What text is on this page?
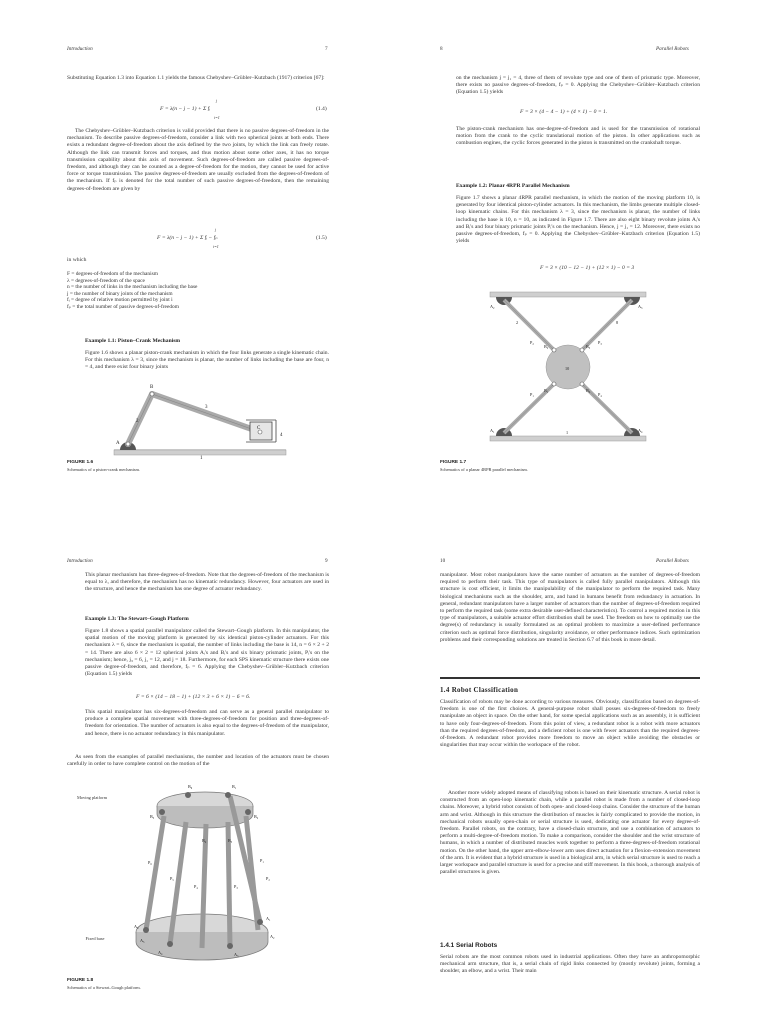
Introduction	7
Substituting Equation 1.3 into Equation 1.1 yields the famous Chebyshev–Grübler–Kutzbach (1917) criterion [67]:
F = λ(n − j − 1) + Σ fᵢ
j
i=1
(1.4)
The Chebyshev–Grübler–Kutzbach criterion is valid provided that there is no passive degrees-of-freedom in the mechanism. To describe passive degrees-of-freedom, consider a link with two spherical joints at both ends. There exists a redundant degree-of-freedom about the axis defined by the two joints, by which the link can freely rotate. Although the link can transmit forces and torques, and thus motion about some other axes, it has no torque transmission capability about this axis of movement. Such degrees-of-freedom are called passive degrees-of-freedom, and although they can be counted as a degree-of-freedom for the motion, they cannot be used for active force or torque transmission. The passive degrees-of-freedom are usually excluded from the degrees-of-freedom of the mechanism. If fₚ is denoted for the total number of such passive degrees-of-freedom, then the remaining degrees-of-freedom are given by
F = λ(n − j − 1) + Σ fᵢ − fₚ
j
i=1
(1.5)
in which
F = degrees-of-freedom of the mechanism
λ = degrees-of-freedom of the space
n = the number of links in the mechanism including the base
j = the number of binary joints of the mechanism
fᵢ = degree of relative motion permitted by joint i
fₚ = the total number of passive degrees-of-freedom
Example 1.1: Piston–Crank Mechanism
Figure 1.6 shows a planar piston-crank mechanism in which the four links generate a single kinematic chain. For this mechanism λ = 3, since the mechanism is planar, the number of links including the base are four, n = 4, and there exist four binary joints
B
2
3
C
A
4
1
FIGURE 1.6
Schematics of a piston-crank mechanism.
8	Parallel Robots
on the mechanism j = j₁ = 4, three of them of revolute type and one of them of prismatic type. Moreover, there exists no passive degrees-of-freedom, fₚ = 0. Applying the Chebyshev–Grübler–Kutzbach criterion (Equation 1.5) yields
F = 3 × (4 − 4 − 1) + (4 × 1) − 0 = 1.
The piston-crank mechanism has one-degree-of-freedom and is used for the transmission of rotational motion from the crank to the cyclic translational motion of the piston. In other applications such as combustion engines, the cyclic forces generated in the piston is transmitted on the crankshaft torque.
Example 1.2: Planar 4RPR Parallel Mechanism
Figure 1.7 shows a planar 4RPR parallel mechanism, in which the motion of the moving platform 10, is generated by four identical piston-cylinder actuators. In this mechanism, the limbs generate multiple closed-loop kinematic chains. For this mechanism λ = 3, since the mechanism is planar, the number of links including the base is 10, n = 10, as indicated in Figure 1.7. There are also eight binary revolute joints Aᵢ's and Bᵢ's and four binary prismatic joints Pᵢ's on the mechanism. Hence, j = j₁ = 12. Moreover, there exists no passive degrees-of-freedom, fₚ = 0. Applying the Chebyshev–Grübler–Kutzbach criterion (Equation 1.5) yields
F = 3 × (10 − 12 − 1) + (12 × 1) − 0 = 3
A₂	A₃
2	8
P₂
B₂	B₃
P₃
10
P₁
B₁	B₄
P₄
A₁	A₄
1
FIGURE 1.7
Schematics of a planar 4RPR parallel mechanism.
Introduction	9
This planar mechanism has three-degrees-of-freedom. Note that the degrees-of-freedom of the mechanism is equal to λ, and therefore, the mechanism has no kinematic redundancy. However, four actuators are used in the structure, and hence the mechanism has one degree of actuator redundancy.
Example 1.3: The Stewart–Gough Platform
Figure 1.8 shows a spatial parallel manipulator called the Stewart–Gough platform. In this manipulator, the spatial motion of the moving platform is generated by six identical piston-cylinder actuators. For this mechanism λ = 6, since the mechanism is spatial, the number of links including the base is 14, n = 6 × 2 + 2 = 14. There are also 6 × 2 = 12 spherical joints Aᵢ's and Bᵢ's and six binary prismatic joints, Pᵢ's on the mechanism; hence, j₃ = 6, j₁ = 12, and j = 18. Furthermore, for each SPS kinematic structure there exists one passive degree-of-freedom, and therefore, fₚ = 6. Applying the Chebyshev–Grübler–Kutzbach criterion (Equation 1.5) yields
F = 6 × (14 − 18 − 1) + (12 × 3 + 6 × 1) − 6 = 6.
This spatial manipulator has six-degrees-of-freedom and can serve as a general parallel manipulator to produce a complete spatial movement with three-degrees-of-freedom for position and three-degrees-of-freedom for orientation. The number of actuators is also equal to the degrees-of-freedom of the manipulator, and hence, there is no actuator redundancy in this manipulator.
As seen from the examples of parallel mechanisms, the number and location of the actuators must be chosen carefully in order to have complete control on the motion of the
B₆	B₁
B₅	B₂
P₆	P₁
P₅	P₂
P₄	P₃
A₆
A₁
A₅
A₂
A₄	A₃
B₄	B₃
Moving platform
Fixed base
FIGURE 1.8
Schematics of a Stewart–Gough platform.
10	Parallel Robots
manipulator. Most robot manipulators have the same number of actuators as the number of degrees-of-freedom required to perform their task. This type of manipulators is called fully parallel manipulators. Although this structure is cost efficient, it limits the manipulability of the manipulator to perform the required task. Many biological mechanisms such as the shoulder, arm, and hand in humans benefit from redundancy in actuation. In general, redundant manipulators have a larger number of actuators than the number of degrees-of-freedom required to perform the required task (some extra desirable user-defined characteristics). To control a required motion in this type of manipulators, a suitable actuator effort distribution shall be used. The freedom on how to optimally use the degree(s) of redundancy is usually formulated as an optimal problem to maximize a user-defined performance criterion such as optimal force distribution, singularity avoidance, or other performance indices. Such optimization problems and their corresponding solutions are treated in Section 6.7 of this book in more detail.
1.4 Robot Classification
Classification of robots may be done according to various measures. Obviously, classification based on degrees-of-freedom is one of the first choices. A general-purpose robot shall posses six-degrees-of-freedom to freely manipulate an object in space. On the other hand, for some special applications such as an assembly, it is sufficient to have only four-degrees-of-freedom. From this point of view, a redundant robot is a robot with more actuators than the required degrees-of-freedom, and a deficient robot is one with fewer actuators than the required degrees-of-freedom. A redundant robot provides more freedom to move an object while avoiding the obstacles or singularities that may occur within the workspace of the robot.
Another more widely adopted means of classifying robots is based on their kinematic structure. A serial robot is constructed from an open-loop kinematic chain, while a parallel robot is made from a number of closed-loop chains. Moreover, a hybrid robot consists of both open- and closed-loop chains. Consider the structure of the human arm and wrist. Although in this structure the distribution of muscles is fairly complicated to provide the motion, in mechanical robots usually open-chain or serial structure is used, dedicating one actuator for every degree-of-freedom. Parallel robots, on the contrary, have a closed-chain structure, and use a combination of actuators to perform a multi-degree-of-freedom motion. To make a comparison, consider the shoulder and the wrist structure of humans, in which a number of distributed muscles work together to perform a three-degrees-of-freedom rotational motion. On the other hand, the upper arm-elbow-lower arm uses direct actuation for a flexion–extension movement of the arm. It is evident that a hybrid structure is used in a biological arm, in which serial structure is used to reach a larger workspace and parallel structure is used for a precise and stiff movement. In this book, a thorough analysis of parallel structures is given.
1.4.1 Serial Robots
Serial robots are the most common robots used in industrial applications. Often they have an anthropomorphic mechanical arm structure, that is, a serial chain of rigid links connected by (mostly revolute) joints, forming a shoulder, an elbow, and a wrist. Their main
